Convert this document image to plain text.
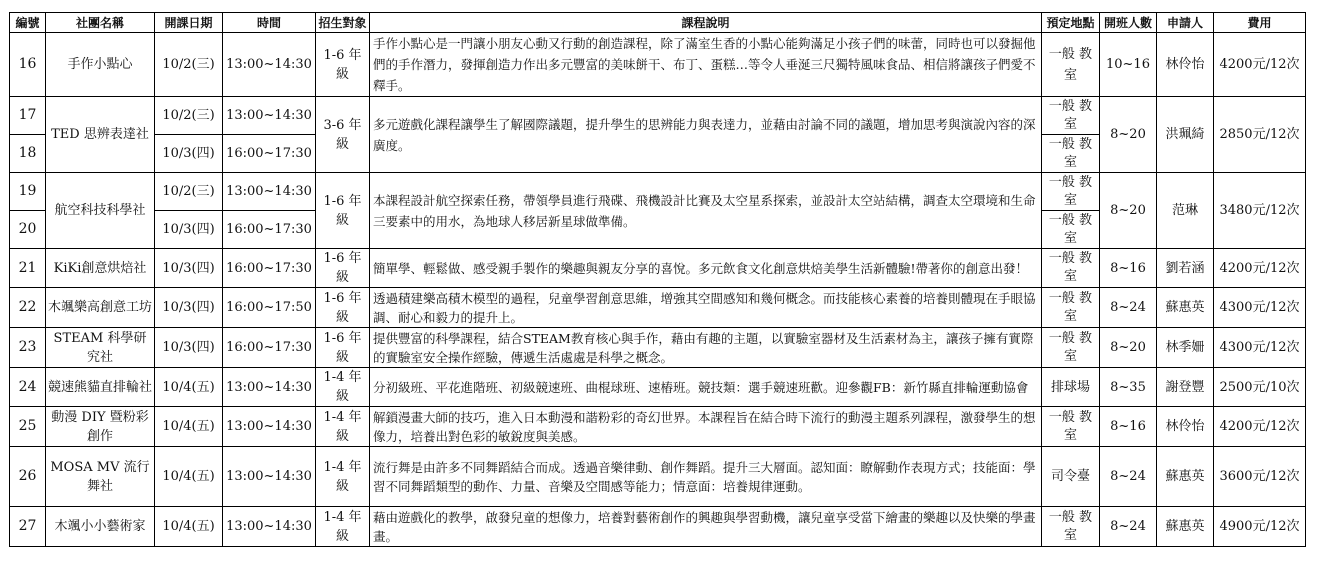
編號	社團名稱	開課日期	時間	招生對象	課程說明	預定地點	開班人數	申請人	費用
16	手作小點心	10/2(三)	13:00~14:30	1-6 年級	手作小點心是一門讓小朋友心動又行動的創造課程，除了滿室生香的小點心能夠滿足小孩子們的味蕾，同時也可以發掘他們的手作潛力，發揮創造力作出多元豐富的美味餅干、布丁、蛋糕…等令人垂涎三尺獨特風味食品、相信將讓孩子們愛不釋手。	一般 教室	10~16	林伶怡	4200元/12次
17	TED 思辨表達社	10/2(三)	13:00~14:30	3-6 年級	多元遊戲化課程讓學生了解國際議題，提升學生的思辨能力與表達力，並藉由討論不同的議題，增加思考與演說內容的深廣度。	一般 教室	8~20	洪珮綺	2850元/12次
18		10/3(四)	16:00~17:30			一般 教室			
19	航空科技科學社	10/2(三)	13:00~14:30	1-6 年級	本課程設計航空探索任務，帶領學員進行飛碟、飛機設計比賽及太空星系探索，並設計太空站結構，調查太空環境和生命三要素中的用水，為地球人移居新星球做準備。	一般 教室	8~20	范琳	3480元/12次
20		10/3(四)	16:00~17:30			一般 教室			
21	KiKi創意烘焙社	10/3(四)	16:00~17:30	1-6 年級	簡單學、輕鬆做、感受親手製作的樂趣與親友分享的喜悅。多元飲食文化創意烘焙美學生活新體驗!帶著你的創意出發！	一般 教室	8~16	劉若涵	4200元/12次
22	木颯樂高創意工坊	10/3(四)	16:00~17:50	1-6 年級	透過積建樂高積木模型的過程，兒童學習創意思維，增強其空間感知和幾何概念。而技能核心素養的培養則體現在手眼協調、耐心和毅力的提升上。	一般 教室	8~24	蘇惠英	4300元/12次
23	STEAM 科學研究社	10/3(四)	16:00~17:30	1-6 年級	提供豐富的科學課程，結合STEAM教育核心與手作，藉由有趣的主題，以實驗室器材及生活素材為主，讓孩子擁有實際的實驗室安全操作經驗，傳遞生活處處是科學之概念。	一般 教室	8~20	林季姍	4300元/12次
24	競速熊貓直排輪社	10/4(五)	13:00~14:30	1-4 年級	分初級班、平花進階班、初級競速班、曲棍球班、速樁班。競技類：選手競速班歡。迎參觀FB：新竹縣直排輪運動協會	排球場	8~35	謝登豐	2500元/10次
25	動漫 DIY 暨粉彩創作	10/4(五)	13:00~14:30	1-4 年級	解鎖漫畫大師的技巧，進入日本動漫和諧粉彩的奇幻世界。本課程旨在結合時下流行的動漫主題系列課程，激發學生的想像力，培養出對色彩的敏銳度與美感。	一般 教室	8~16	林伶怡	4200元/12次
26	MOSA MV 流行舞社	10/4(五)	13:00~14:30	1-4 年級	流行舞是由許多不同舞蹈結合而成。透過音樂律動、創作舞蹈。提升三大層面。認知面：瞭解動作表現方式；技能面：學習不同舞蹈類型的動作、力量、音樂及空間感等能力；情意面：培養規律運動。	司令臺	8~24	蘇惠英	3600元/12次
27	木颯小小藝術家	10/4(五)	13:00~14:30	1-4 年級	藉由遊戲化的教學，啟發兒童的想像力，培養對藝術創作的興趣與學習動機，讓兒童享受當下繪畫的樂趣以及快樂的學畫畫。	一般 教室	8~24	蘇惠英	4900元/12次
